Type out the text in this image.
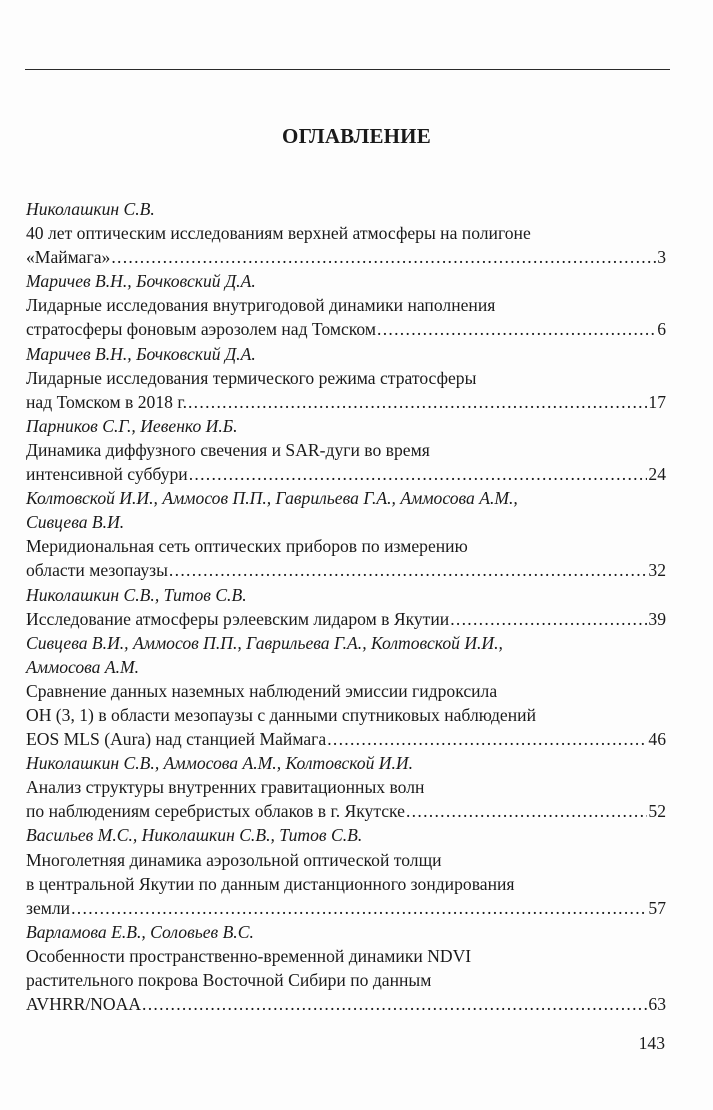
ОГЛАВЛЕНИЕ
Николашкин С.В.
40 лет оптическим исследованиям верхней атмосферы на полигоне
«Маймага» .....	3
Маричев В.Н., Бочковский Д.А.
Лидарные исследования внутригодовой динамики наполнения
стратосферы фоновым аэрозолем над Томском .....	6
Маричев В.Н., Бочковский Д.А.
Лидарные исследования термического режима стратосферы
над Томском в 2018 г. .....	17
Парников С.Г., Иевенко И.Б.
Динамика диффузного свечения и SAR-дуги во время
интенсивной суббури .....	24
Колтовской И.И., Аммосов П.П., Гаврильева Г.А., Аммосова А.М.,
Сивцева В.И.
Меридиональная сеть оптических приборов по измерению
области мезопаузы .....	32
Николашкин С.В., Титов С.В.
Исследование атмосферы рэлеевским лидаром в Якутии .....	39
Сивцева В.И., Аммосов П.П., Гаврильева Г.А., Колтовской И.И.,
Аммосова А.М.
Сравнение данных наземных наблюдений эмиссии гидроксила
ОН (3, 1) в области мезопаузы с данными спутниковых наблюдений
EOS MLS (Aura) над станцией Маймага .....	46
Николашкин С.В., Аммосова А.М., Колтовской И.И.
Анализ структуры внутренних гравитационных волн
по наблюдениям серебристых облаков в г. Якутске .....	52
Васильев М.С., Николашкин С.В., Титов С.В.
Многолетняя динамика аэрозольной оптической толщи
в центральной Якутии по данным дистанционного зондирования
земли .....	57
Варламова Е.В., Соловьев В.С.
Особенности пространственно-временной динамики NDVI
растительного покрова Восточной Сибири по данным
AVHRR/NOAA .....	63
143
